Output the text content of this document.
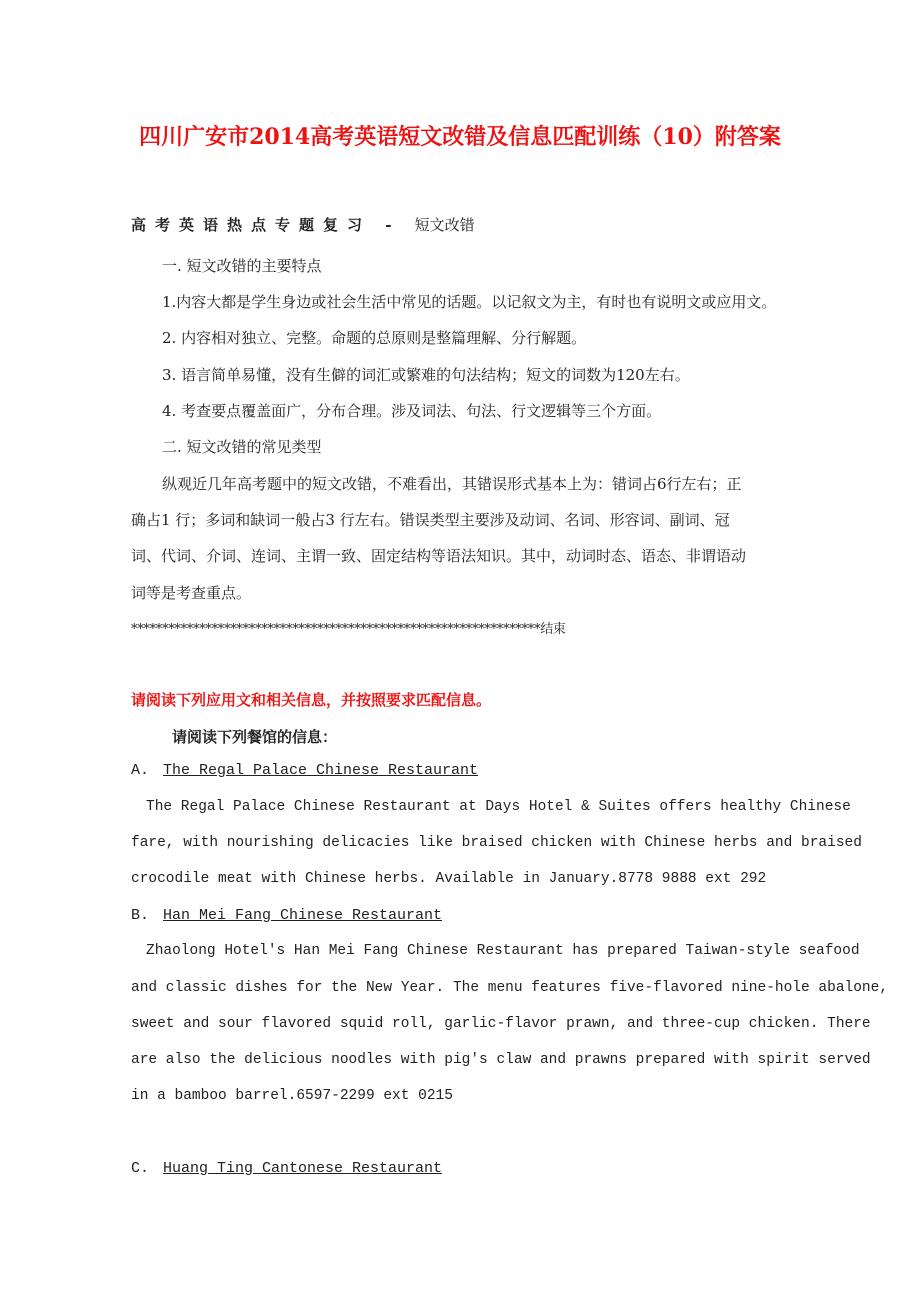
四川广安市2014高考英语短文改错及信息匹配训练（10）附答案
高考英语热点专题复习 - 短文改错
一. 短文改错的主要特点
1.内容大都是学生身边或社会生活中常见的话题。以记叙文为主，有时也有说明文或应用文。
2. 内容相对独立、完整。命题的总原则是整篇理解、分行解题。
3. 语言简单易懂，没有生僻的词汇或繁难的句法结构；短文的词数为120左右。
4. 考查要点覆盖面广，分布合理。涉及词法、句法、行文逻辑等三个方面。
二. 短文改错的常见类型
纵观近几年高考题中的短文改错，不难看出，其错误形式基本上为：错词占6行左右；正
确占1 行；多词和缺词一般占3 行左右。错误类型主要涉及动词、名词、形容词、副词、冠
词、代词、介词、连词、主谓一致、固定结构等语法知识。其中，动词时态、语态、非谓语动
词等是考查重点。
******************************************************************结束
请阅读下列应用文和相关信息，并按照要求匹配信息。
请阅读下列餐馆的信息：
A. The Regal Palace Chinese Restaurant
The Regal Palace Chinese Restaurant at Days Hotel & Suites offers healthy Chinese
fare, with nourishing delicacies like braised chicken with Chinese herbs and braised
crocodile meat with Chinese herbs. Available in January.8778 9888 ext 292
B. Han Mei Fang Chinese Restaurant
Zhaolong Hotel's Han Mei Fang Chinese Restaurant has prepared Taiwan-style seafood
and classic dishes for the New Year. The menu features five-flavored nine-hole abalone,
sweet and sour flavored squid roll, garlic-flavor prawn, and three-cup chicken. There
are also the delicious noodles with pig's claw and prawns prepared with spirit served
in a bamboo barrel.6597-2299 ext 0215
C. Huang Ting Cantonese Restaurant
